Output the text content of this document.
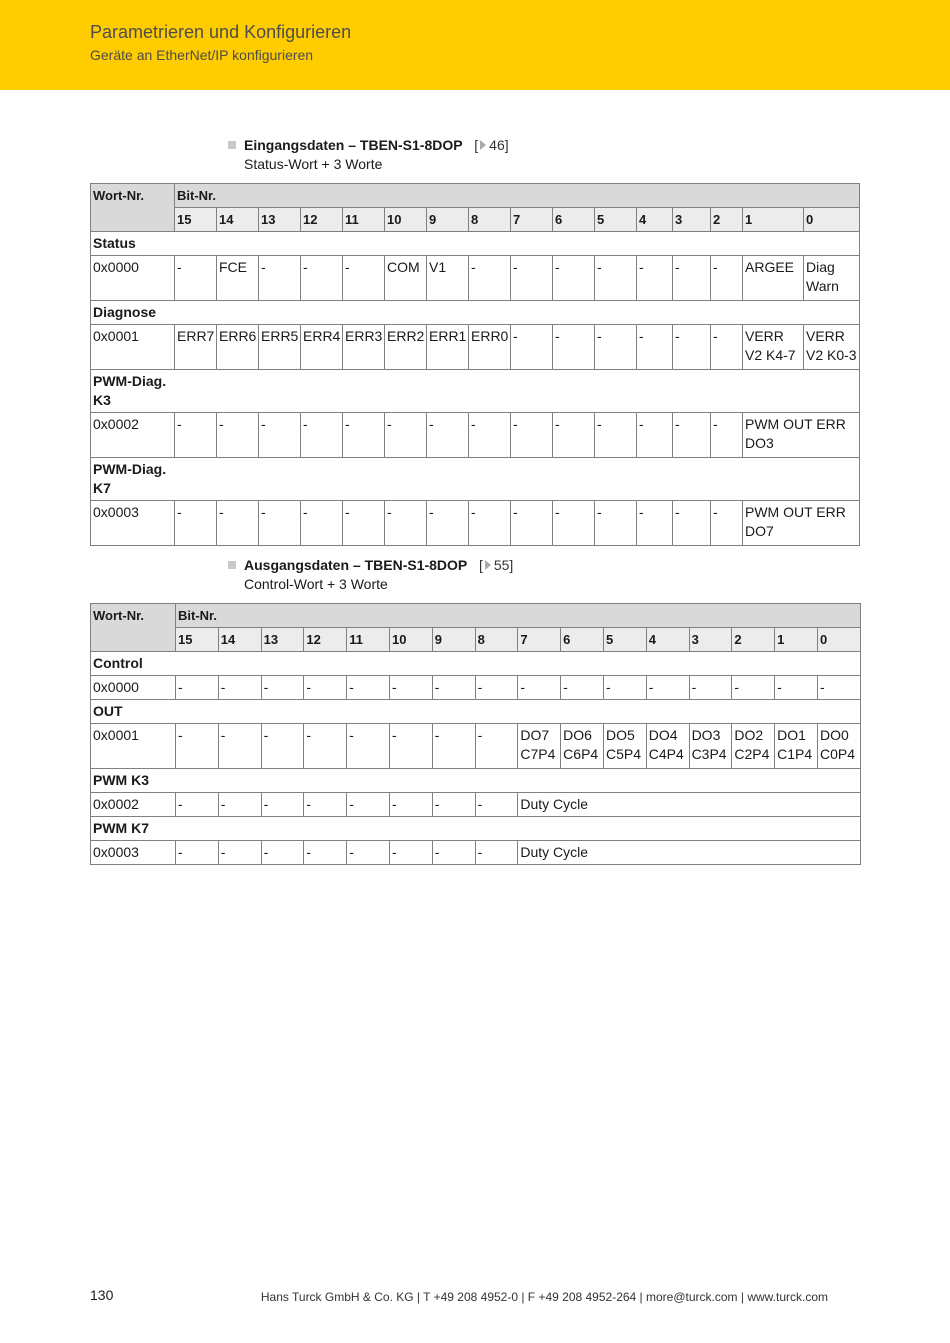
Parametrieren und Konfigurieren
Geräte an EtherNet/IP konfigurieren
Eingangsdaten – TBEN-S1-8DOP [ 46]
Status-Wort + 3 Worte
Wort-Nr.	Bit-Nr.															
	15	14	13	12	11	10	9	8	7	6	5	4	3	2	1	0
Status																
0x0000	-	FCE	-	-	-	COM	V1	-	-	-	-	-	-	-	ARGEE	Diag Warn
Diagnose																
0x0001	ERR7	ERR6	ERR5	ERR4	ERR3	ERR2	ERR1	ERR0	-	-	-	-	-	-	VERR V2 K4-7	VERR V2 K0-3

PWM-Diag. K3																

0x0002	-	-	-	-	-	-	-	-	-	-	-	-	-	-	PWM OUT ERR DO3	

PWM-Diag. K7																

0x0003	-	-	-	-	-	-	-	-	-	-	-	-	-	-	PWM OUT ERR DO7	
Ausgangsdaten – TBEN-S1-8DOP [ 55]
Control-Wort + 3 Worte
Wort-Nr.	Bit-Nr.															
	15	14	13	12	11	10	9	8	7	6	5	4	3	2	1	0
Control																
0x0000	-	-	-	-	-	-	-	-	-	-	-	-	-	-	-	-
OUT																
0x0001	-	-	-	-	-	-	-	-	DO7 C7P4	DO6 C6P4	DO5 C5P4	DO4 C4P4	DO3 C3P4	DO2 C2P4	DO1 C1P4	DO0 C0P4
PWM K3																
0x0002	-	-	-	-	-	-	-	-	Duty Cycle							
PWM K7																
0x0003	-	-	-	-	-	-	-	-	Duty Cycle							
130	Hans Turck GmbH & Co. KG | T +49 208 4952-0 | F +49 208 4952-264 | more@turck.com | www.turck.com
